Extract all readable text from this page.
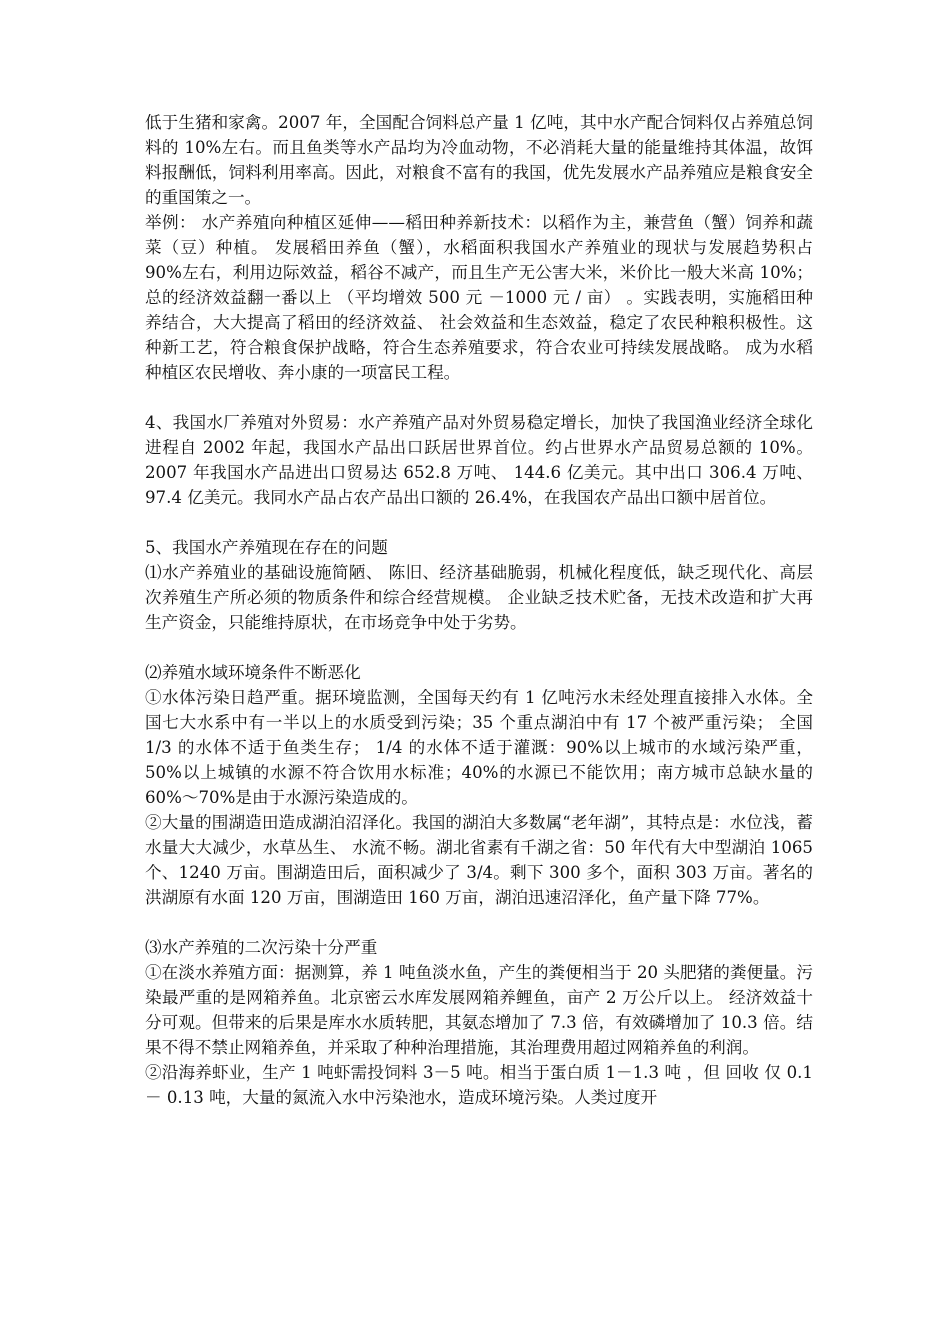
低于生猪和家禽。2007 年，全国配合饲料总产量 1 亿吨，其中水产配合饲料仅占养殖总饲料的 10%左右。而且鱼类等水产品均为冷血动物，不必消耗大量的能量维持其体温，故饵料报酬低，饲料利用率高。因此，对粮食不富有的我国，优先发展水产品养殖应是粮食安全的重国策之一。

举例： 水产养殖向种植区延伸——稻田种养新技术：以稻作为主，兼营鱼（蟹）饲养和蔬菜（豆）种植。 发展稻田养鱼（蟹），水稻面积我国水产养殖业的现状与发展趋势积占 90%左右，利用边际效益，稻谷不减产，而且生产无公害大米，米价比一般大米高 10%；总的经济效益翻一番以上 （平均增效 500 元 －1000 元 / 亩） 。实践表明，实施稻田种养结合，大大提高了稻田的经济效益、 社会效益和生态效益，稳定了农民种粮积极性。这种新工艺，符合粮食保护战略，符合生态养殖要求，符合农业可持续发展战略。 成为水稻种植区农民增收、奔小康的一项富民工程。

4、我国水厂养殖对外贸易：水产养殖产品对外贸易稳定增长，加快了我国渔业经济全球化进程自 2002 年起，我国水产品出口跃居世界首位。约占世界水产品贸易总额的 10%。2007 年我国水产品进出口贸易达 652.8 万吨、 144.6 亿美元。其中出口 306.4 万吨、97.4 亿美元。我同水产品占农产品出口额的 26.4%，在我国农产品出口额中居首位。

5、我国水产养殖现在存在的问题

⑴水产养殖业的基础设施简陋、 陈旧、经济基础脆弱，机械化程度低，缺乏现代化、高层次养殖生产所必须的物质条件和综合经营规模。 企业缺乏技术贮备，无技术改造和扩大再生产资金，只能维持原状，在市场竞争中处于劣势。

⑵养殖水域环境条件不断恶化

①水体污染日趋严重。据环境监测，全国每天约有 1 亿吨污水未经处理直接排入水体。全国七大水系中有一半以上的水质受到污染；35 个重点湖泊中有 17 个被严重污染； 全国 1/3 的水体不适于鱼类生存； 1/4 的水体不适于灌溉：90%以上城市的水域污染严重，50%以上城镇的水源不符合饮用水标准；40%的水源已不能饮用；南方城市总缺水量的 60%～70%是由于水源污染造成的。

②大量的围湖造田造成湖泊沼泽化。我国的湖泊大多数属“老年湖”，其特点是：水位浅，蓄水量大大减少，水草丛生、 水流不畅。湖北省素有千湖之省：50 年代有大中型湖泊 1065 个、1240 万亩。围湖造田后，面积减少了 3/4。剩下 300 多个，面积 303 万亩。著名的洪湖原有水面 120 万亩，围湖造田 160 万亩，湖泊迅速沼泽化，鱼产量下降 77%。

⑶水产养殖的二次污染十分严重

①在淡水养殖方面：据测算，养 1 吨鱼淡水鱼，产生的粪便相当于 20 头肥猪的粪便量。污染最严重的是网箱养鱼。北京密云水库发展网箱养鲤鱼，亩产 2 万公斤以上。 经济效益十分可观。但带来的后果是库水水质转肥，其氨态增加了 7.3 倍，有效磷增加了 10.3 倍。结果不得不禁止网箱养鱼，并采取了种种治理措施，其治理费用超过网箱养鱼的利润。

②沿海养虾业，生产 1 吨虾需投饲料 3－5 吨。相当于蛋白质 1－1.3 吨 ，但 回收 仅 0.1－ 0.13 吨，大量的氮流入水中污染池水，造成环境污染。人类过度开
